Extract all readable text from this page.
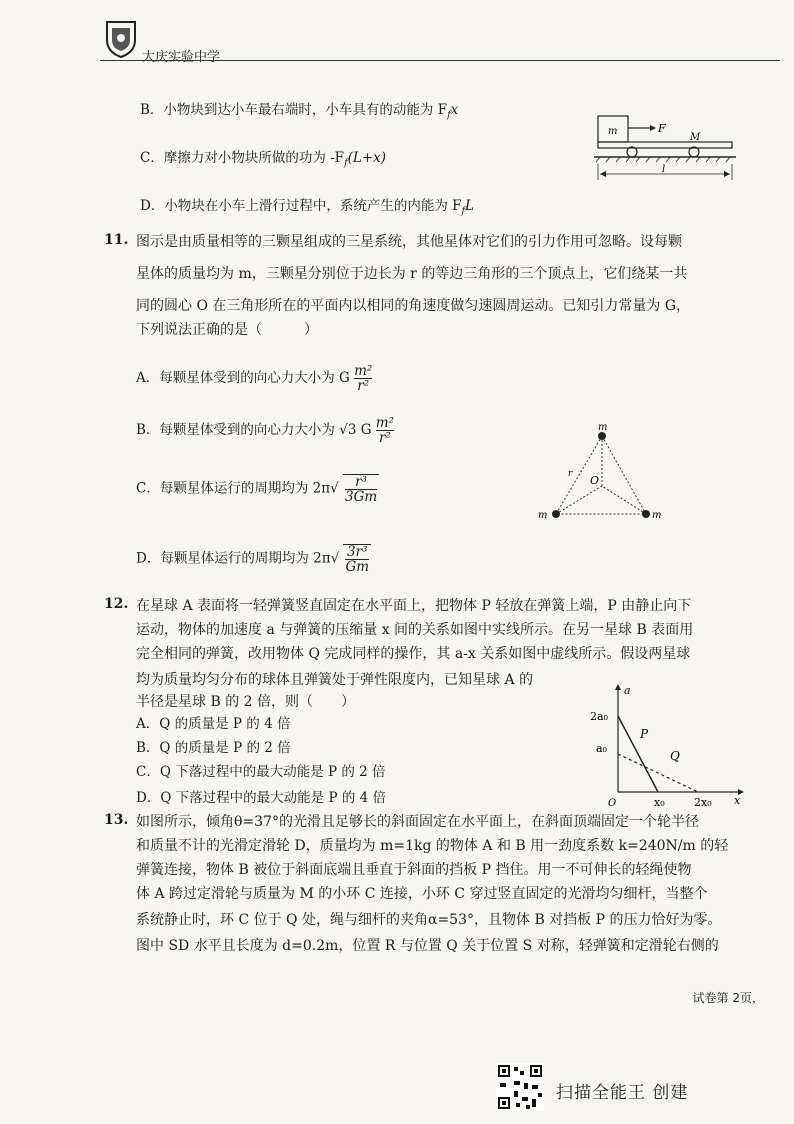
大庆实验中学
B．小物块到达小车最右端时，小车具有的动能为 $F_fx$
C．摩擦力对小物块所做的功为 $-F_f(L+x)$
D．小物块在小车上滑行过程中，系统产生的内能为 $F_fL$
m	F
M
l
11. 图示是由质量相等的三颗星组成的三星系统，其他星体对它们的引力作用可忽略。设每颗
星体的质量均为 m，三颗星分别位于边长为 r 的等边三角形的三个顶点上，它们绕某一共
同的圆心 O 在三角形所在的平面内以相同的角速度做匀速圆周运动。已知引力常量为 G，
下列说法正确的是（　　　）
A．每颗星体受到的向心力大小为 G $\frac{\text{m²}}{\text{r²}}$
B．每颗星体受到的向心力大小为 √3 G $\frac{\text{m²}}{\text{r²}}$
C．每颗星体运行的周期均为 $2\pi√ \frac{\text{r³}}{3Gm}$
D．每颗星体运行的周期均为 $2\pi√ \frac{\text{3r³}}{Gm}$
m
m	m
O
r
12. 在星球 A 表面将一轻弹簧竖直固定在水平面上，把物体 P 轻放在弹簧上端，P 由静止向下
运动，物体的加速度 a 与弹簧的压缩量 x 间的关系如图中实线所示。在另一星球 B 表面用
完全相同的弹簧，改用物体 Q 完成同样的操作，其 a-x 关系如图中虚线所示。假设两星球
均为质量均匀分布的球体且弹簧处于弹性限度内，已知星球 A 的
半径是星球 B 的 2 倍，则（　　）
A．Q 的质量是 P 的 4 倍
B．Q 的质量是 P 的 2 倍
C．Q 下落过程中的最大动能是 P 的 2 倍
D．Q 下落过程中的最大动能是 P 的 4 倍
a
x
2a₀
a₀
O	x₀	2x₀
P
Q
13. 如图所示，倾角θ=37°的光滑且足够长的斜面固定在水平面上，在斜面顶端固定一个轮半径
和质量不计的光滑定滑轮 D，质量均为 m=1kg 的物体 A 和 B 用一劲度系数 k=240N/m 的轻
弹簧连接，物体 B 被位于斜面底端且垂直于斜面的挡板 P 挡住。用一不可伸长的轻绳使物
体 A 跨过定滑轮与质量为 M 的小环 C 连接，小环 C 穿过竖直固定的光滑均匀细杆，当整个
系统静止时，环 C 位于 Q 处，绳与细杆的夹角α=53°，且物体 B 对挡板 P 的压力恰好为零。
图中 SD 水平且长度为 d=0.2m，位置 R 与位置 Q 关于位置 S 对称，轻弹簧和定滑轮右侧的
试卷第 2页，
扫描全能王 创建
